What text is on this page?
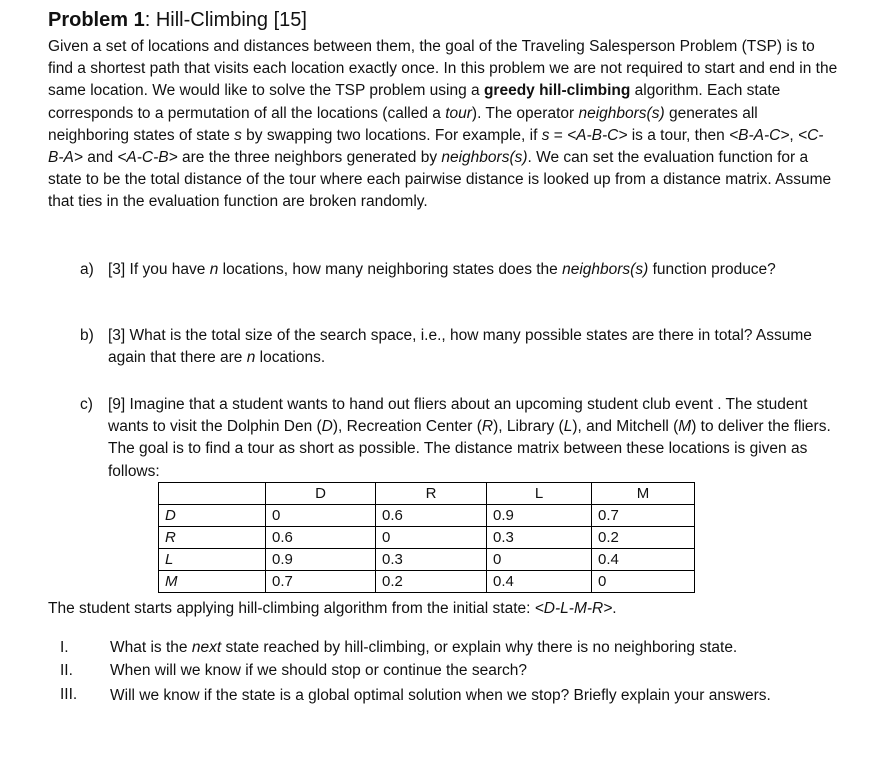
Problem 1: Hill-Climbing [15]

Given a set of locations and distances between them, the goal of the Traveling Salesperson Problem (TSP) is to find a shortest path that visits each location exactly once. In this problem we are not required to start and end in the same location. We would like to solve the TSP problem using a greedy hill-climbing algorithm. Each state corresponds to a permutation of all the locations (called a tour). The operator neighbors(s) generates all neighboring states of state s by swapping two locations. For example, if s = <A-B-C> is a tour, then <B-A-C>, <C-B-A> and <A-C-B> are the three neighbors generated by neighbors(s). We can set the evaluation function for a state to be the total distance of the tour where each pairwise distance is looked up from a distance matrix. Assume that ties in the evaluation function are broken randomly.

a) [3] If you have n locations, how many neighboring states does the neighbors(s) function produce?
b) [3] What is the total size of the search space, i.e., how many possible states are there in total? Assume again that there are n locations.
c) [9] Imagine that a student wants to hand out fliers about an upcoming student club event . The student wants to visit the Dolphin Den (D), Recreation Center (R), Library (L), and Mitchell (M) to deliver the fliers. The goal is to find a tour as short as possible. The distance matrix between these locations is given as follows:
	D	R	L	M
D	0	0.6	0.9	0.7
R	0.6	0	0.3	0.2
L	0.9	0.3	0	0.4
M	0.7	0.2	0.4	0
The student starts applying hill-climbing algorithm from the initial state: <D-L-M-R>.
I.	What is the next state reached by hill-climbing, or explain why there is no neighboring state.
II.	When will we know if we should stop or continue the search?
III.	Will we know if the state is a global optimal solution when we stop? Briefly explain your answers.
